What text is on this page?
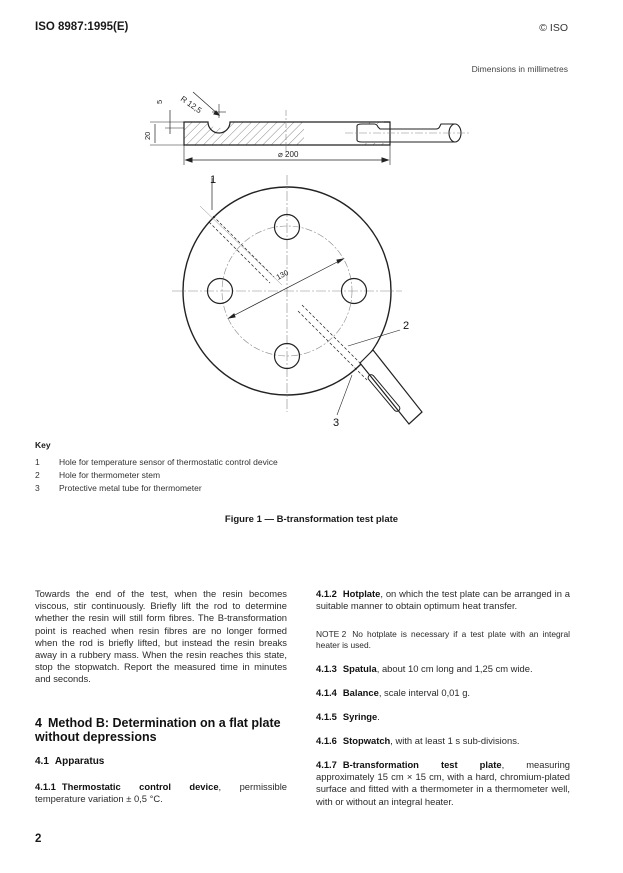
ISO 8987:1995(E)	© ISO
Dimensions in millimetres
R 12,5
5
20
⌀ 200
130
1
2
3
Key
1	Hole for temperature sensor of thermostatic control device
2	Hole for thermometer stem
3	Protective metal tube for thermometer
Figure 1 — B-transformation test plate

Towards the end of the test, when the resin becomes viscous, stir continuously. Briefly lift the rod to determine whether the resin will still form fibres. The B-transformation point is reached when resin fibres are no longer formed when the rod is briefly lifted, but instead the resin breaks away in a rubbery mass. When the resin reaches this state, stop the stopwatch. Report the measured time in minutes and seconds.

4 Method B: Determination on a flat plate without depressions
4.1 Apparatus
4.1.1 Thermostatic control device, permissible temperature variation ± 0,5 °C.
4.1.2 Hotplate, on which the test plate can be arranged in a suitable manner to obtain optimum heat transfer.
NOTE 2 No hotplate is necessary if a test plate with an integral heater is used.
4.1.3 Spatula, about 10 cm long and 1,25 cm wide.
4.1.4 Balance, scale interval 0,01 g.
4.1.5 Syringe.
4.1.6 Stopwatch, with at least 1 s sub-divisions.
4.1.7 B-transformation test plate, measuring approximately 15 cm × 15 cm, with a hard, chromium-plated surface and fitted with a thermometer in a thermometer well, with or without an integral heater.
2
